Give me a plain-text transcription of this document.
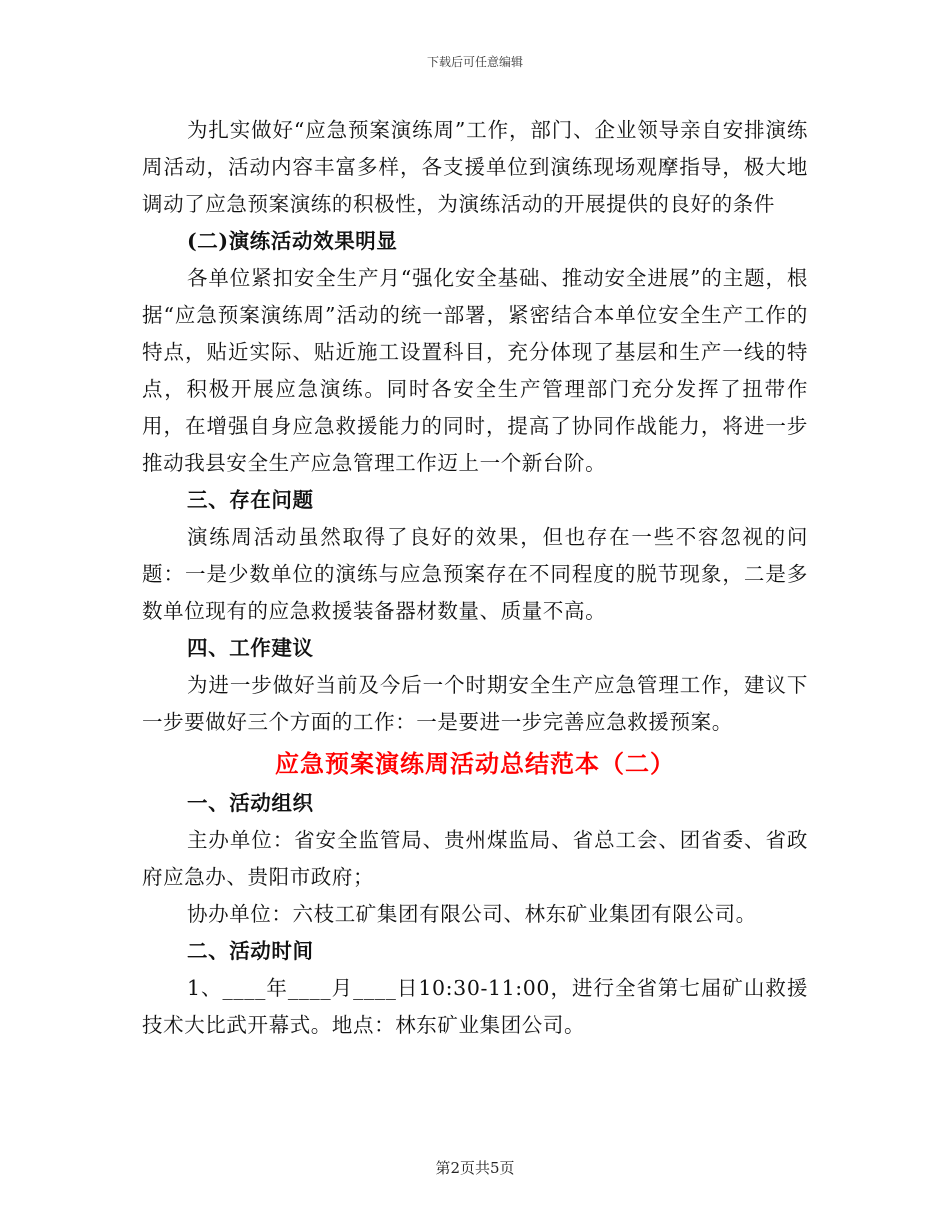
下载后可任意编辑

为扎实做好“应急预案演练周”工作，部门、企业领导亲自安排演练周活动，活动内容丰富多样，各支援单位到演练现场观摩指导，极大地调动了应急预案演练的积极性，为演练活动的开展提供的良好的条件

(二)演练活动效果明显

各单位紧扣安全生产月“强化安全基础、推动安全进展”的主题，根据“应急预案演练周”活动的统一部署，紧密结合本单位安全生产工作的特点，贴近实际、贴近施工设置科目，充分体现了基层和生产一线的特点，积极开展应急演练。同时各安全生产管理部门充分发挥了扭带作用，在增强自身应急救援能力的同时，提高了协同作战能力，将进一步推动我县安全生产应急管理工作迈上一个新台阶。

三、存在问题

演练周活动虽然取得了良好的效果，但也存在一些不容忽视的问题：一是少数单位的演练与应急预案存在不同程度的脱节现象，二是多数单位现有的应急救援装备器材数量、质量不高。

四、工作建议

为进一步做好当前及今后一个时期安全生产应急管理工作，建议下一步要做好三个方面的工作：一是要进一步完善应急救援预案。

应急预案演练周活动总结范本（二）

一、活动组织

主办单位：省安全监管局、贵州煤监局、省总工会、团省委、省政府应急办、贵阳市政府；

协办单位：六枝工矿集团有限公司、林东矿业集团有限公司。

二、活动时间

1、____年____月____日10:30-11:00，进行全省第七届矿山救援技术大比武开幕式。地点：林东矿业集团公司。

第2页共5页
